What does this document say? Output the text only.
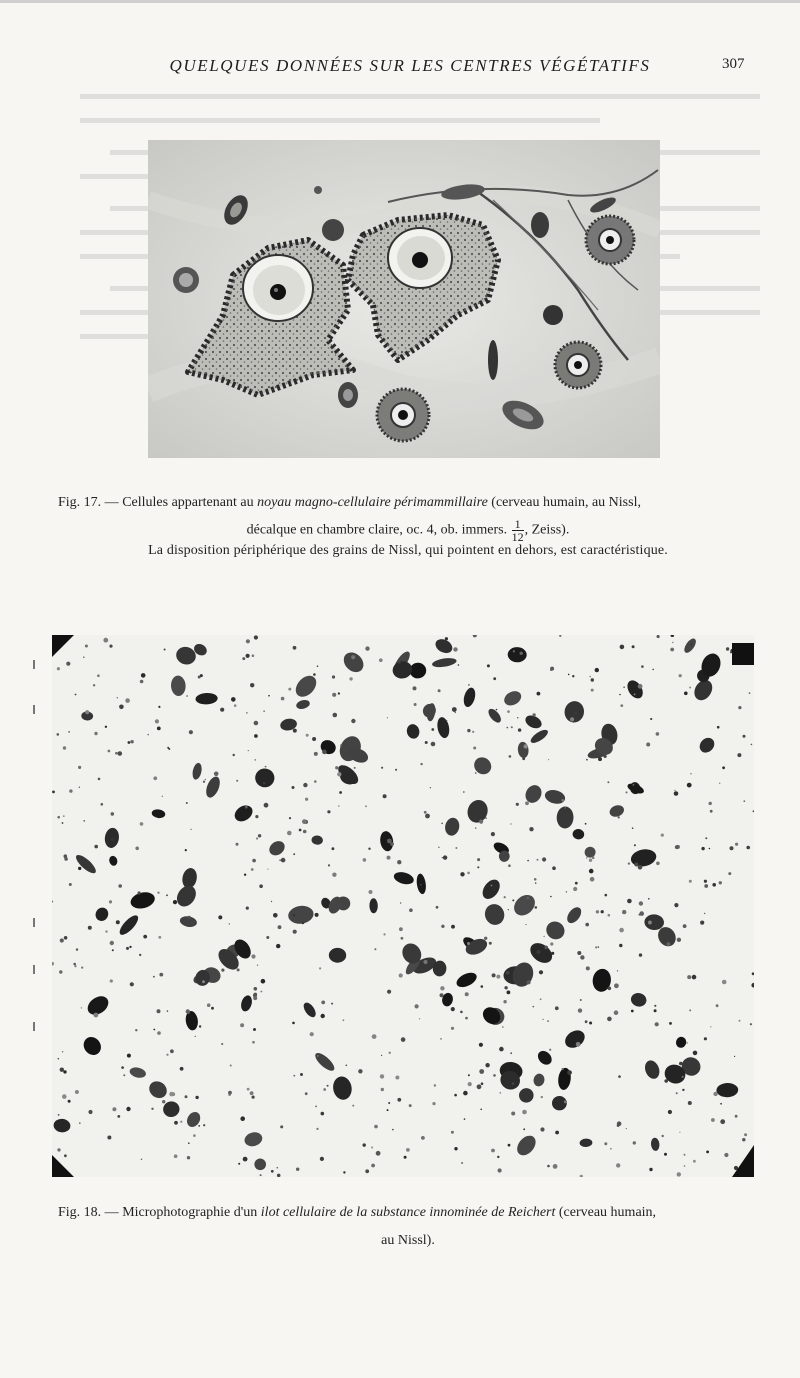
QUELQUES DONNÉES SUR LES CENTRES VÉGÉTATIFS	307
Fig. 17. — Cellules appartenant au noyau magno-cellulaire périmammillaire (cerveau humain, au Nissl,
décalque en chambre claire, oc. 4, ob. immers. $\frac{1}{12}$ , Zeiss).
La disposition périphérique des grains de Nissl, qui pointent en dehors, est caractéristique.
Fig. 18. — Microphotographie d'un ilot cellulaire de la substance innominée de Reichert (cerveau humain,
au Nissl).
